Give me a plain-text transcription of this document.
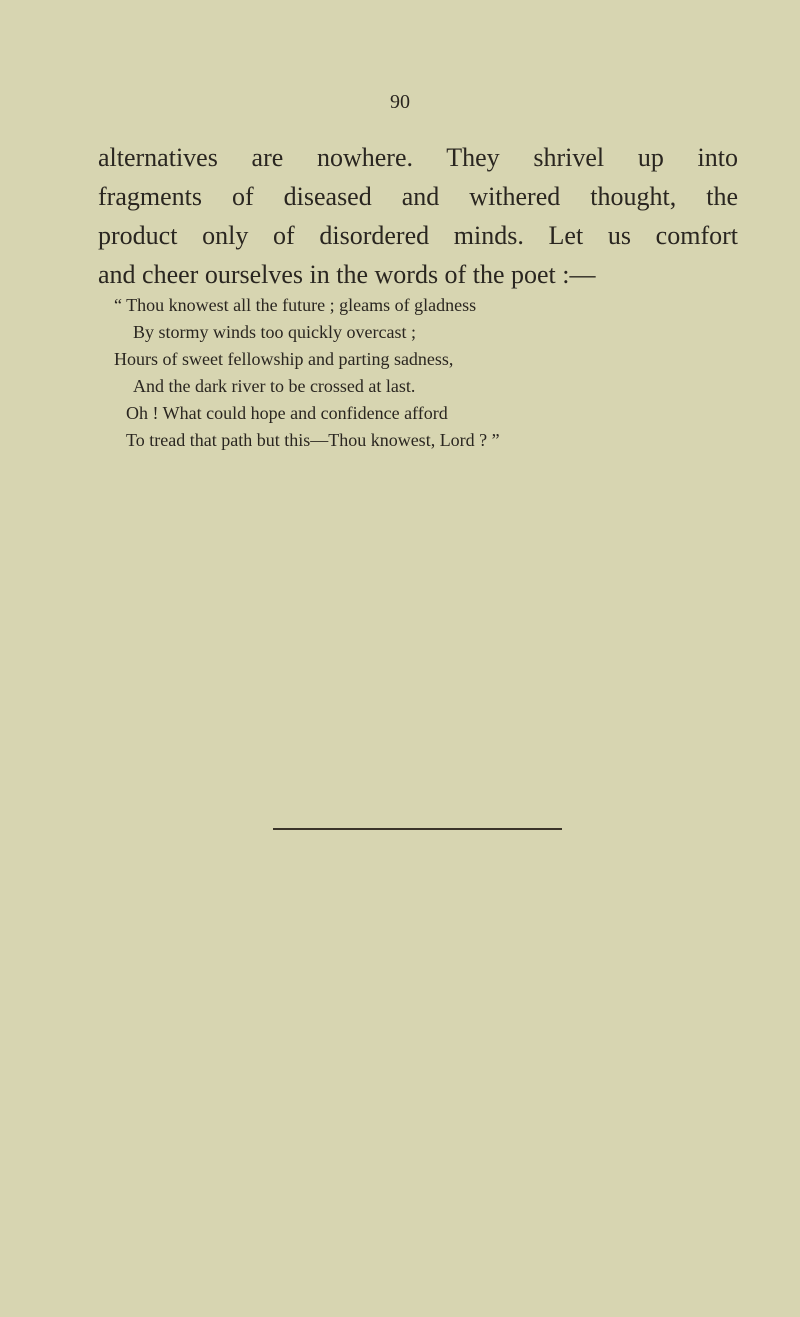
90
alternatives are nowhere. They shrivel up into
fragments of diseased and withered thought, the
product only of disordered minds. Let us comfort
and cheer ourselves in the words of the poet :—
“ Thou knowest all the future ; gleams of gladness
By stormy winds too quickly overcast ;
Hours of sweet fellowship and parting sadness,
And the dark river to be crossed at last.
Oh ! What could hope and confidence afford
To tread that path but this—Thou knowest, Lord ? ”
